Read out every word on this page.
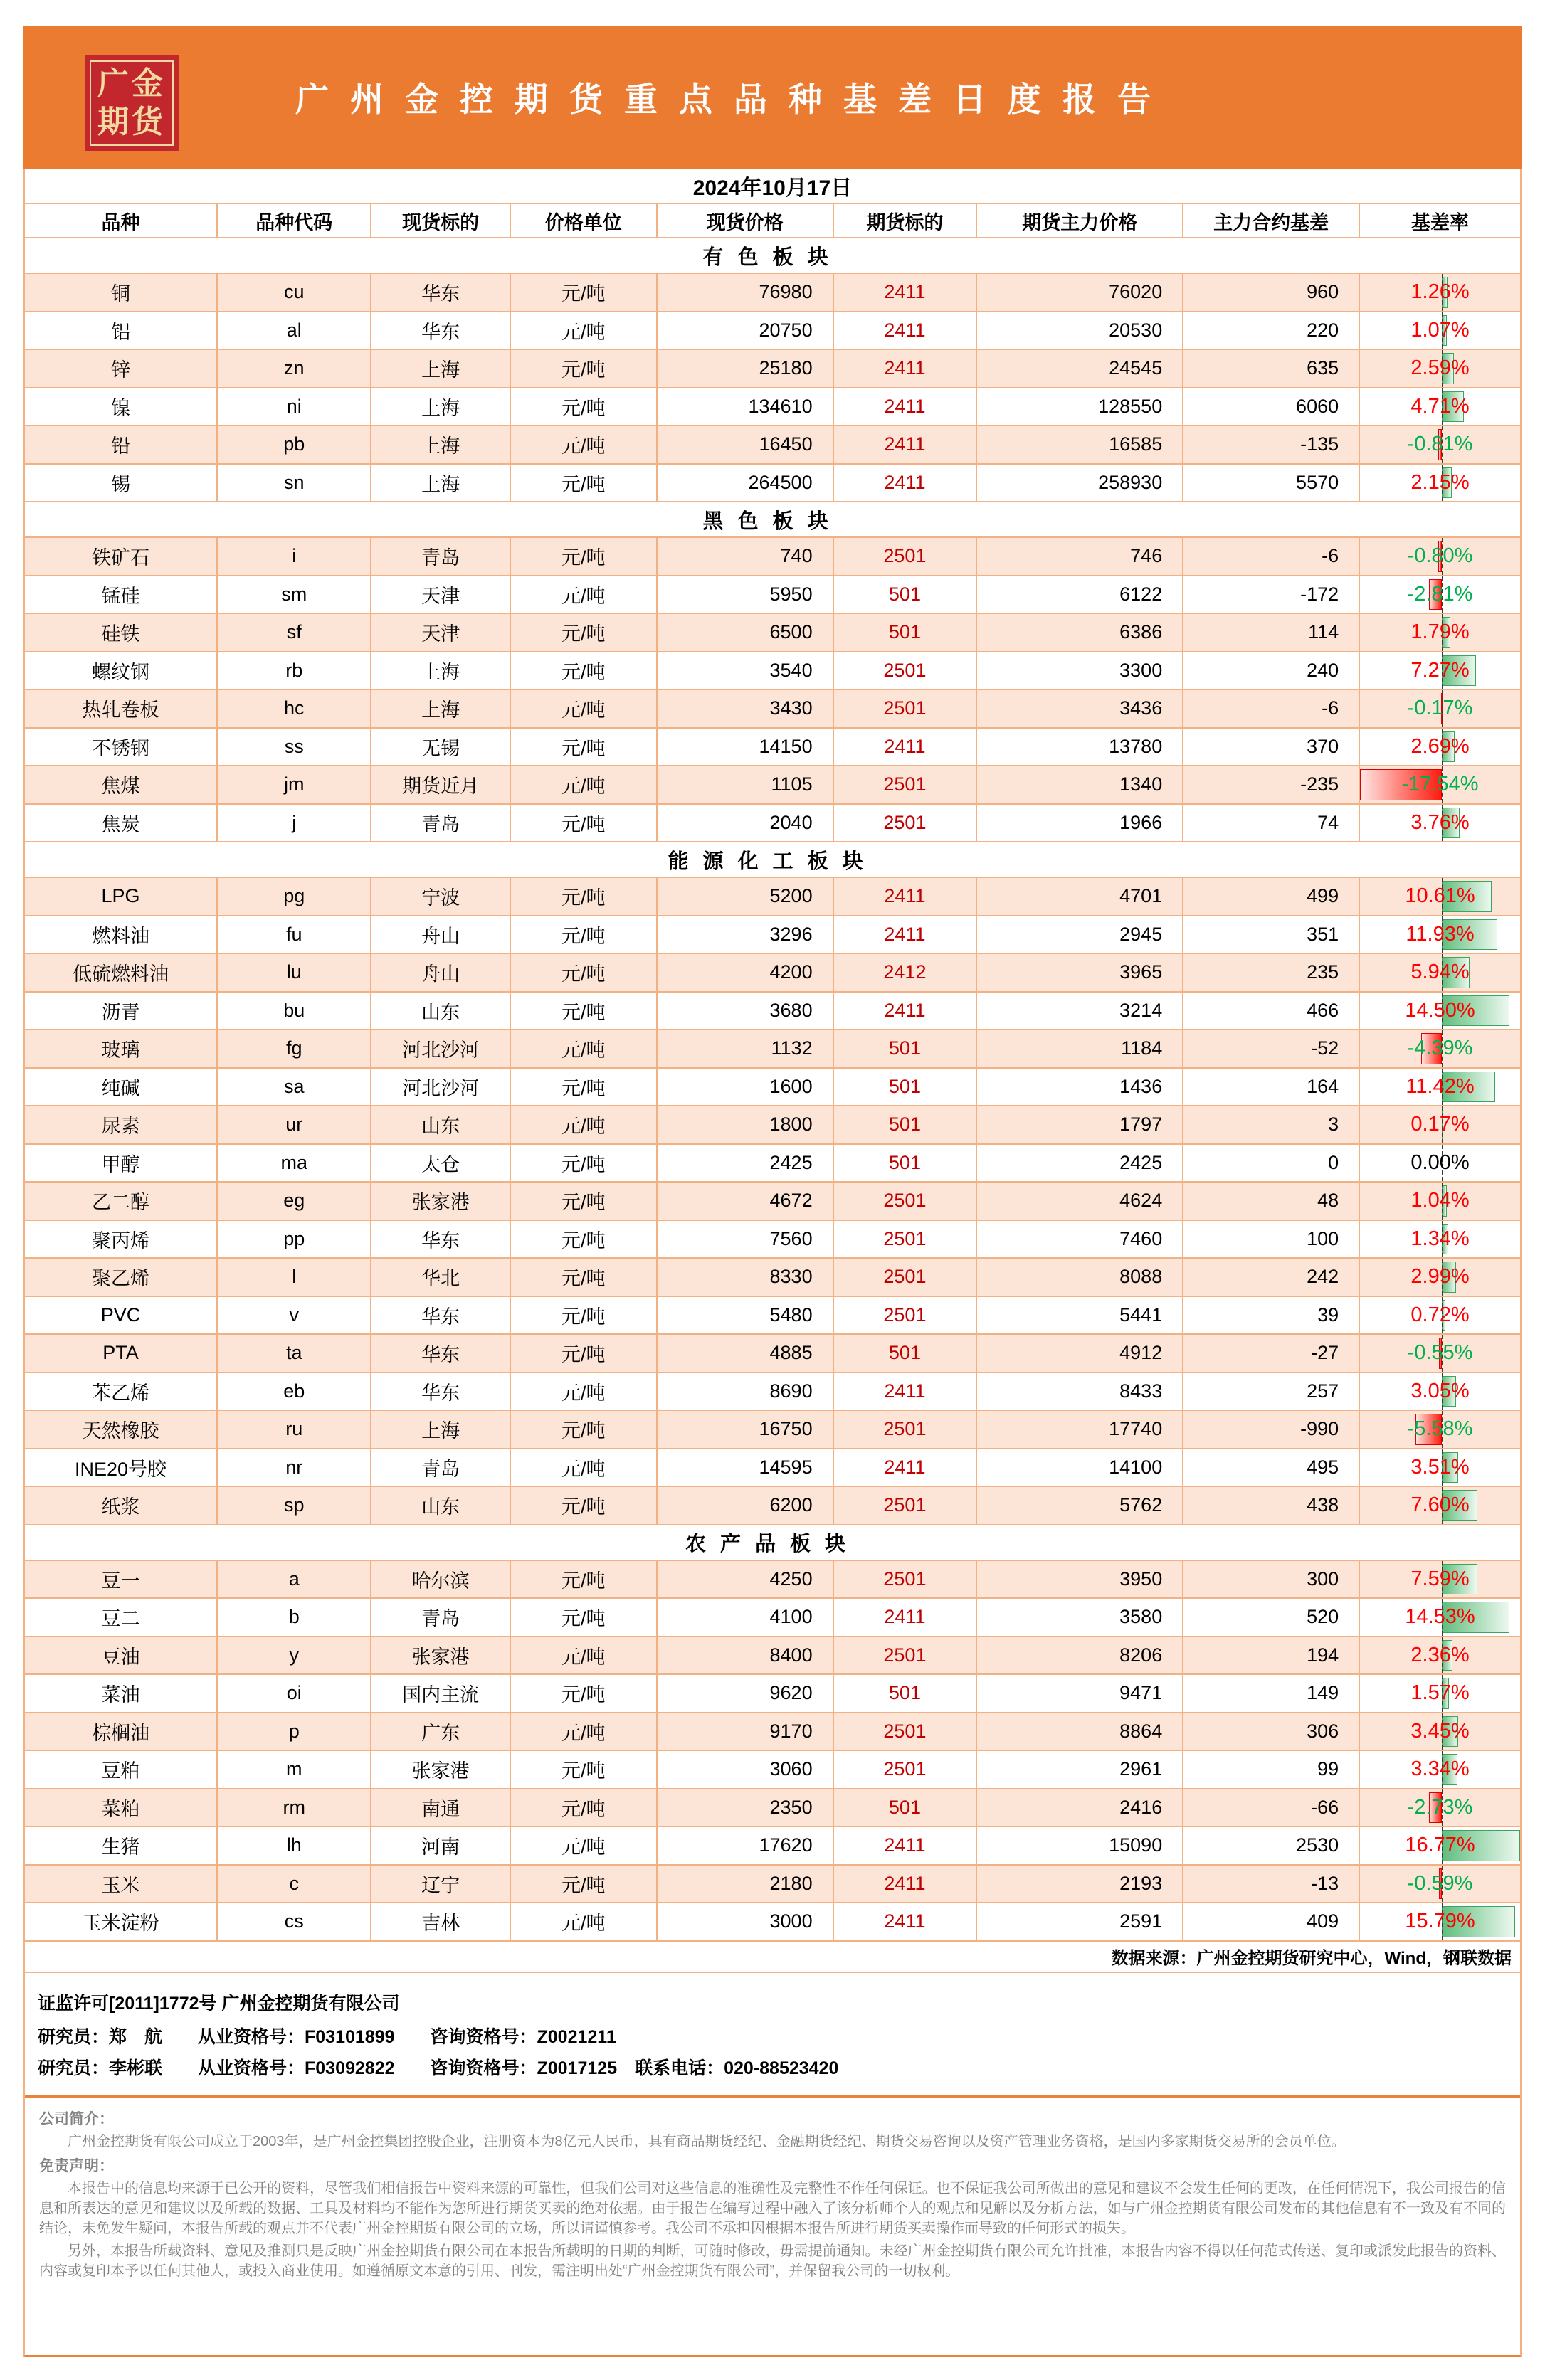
广金
期货
广州金控期货重点品种基差日度报告
2024年10月17日
品种	品种代码	现货标的	价格单位	现货价格	期货标的	期货主力价格	主力合约基差	基差率
有色板块
铜	cu	华东	元/吨	76980	2411	76020	960	1.26%
铝	al	华东	元/吨	20750	2411	20530	220	1.07%
锌	zn	上海	元/吨	25180	2411	24545	635	2.59%
镍	ni	上海	元/吨	134610	2411	128550	6060	4.71%
铅	pb	上海	元/吨	16450	2411	16585	-135	-0.81%
锡	sn	上海	元/吨	264500	2411	258930	5570	2.15%
黑色板块
铁矿石	i	青岛	元/吨	740	2501	746	-6	-0.80%
锰硅	sm	天津	元/吨	5950	501	6122	-172	-2.81%
硅铁	sf	天津	元/吨	6500	501	6386	114	1.79%
螺纹钢	rb	上海	元/吨	3540	2501	3300	240	7.27%
热轧卷板	hc	上海	元/吨	3430	2501	3436	-6	-0.17%
不锈钢	ss	无锡	元/吨	14150	2411	13780	370	2.69%
焦煤	jm	期货近月	元/吨	1105	2501	1340	-235	-17.54%
焦炭	j	青岛	元/吨	2040	2501	1966	74	3.76%
能源化工板块
LPG	pg	宁波	元/吨	5200	2411	4701	499	10.61%
燃料油	fu	舟山	元/吨	3296	2411	2945	351	11.93%
低硫燃料油	lu	舟山	元/吨	4200	2412	3965	235	5.94%
沥青	bu	山东	元/吨	3680	2411	3214	466	14.50%
玻璃	fg	河北沙河	元/吨	1132	501	1184	-52	-4.39%
纯碱	sa	河北沙河	元/吨	1600	501	1436	164	11.42%
尿素	ur	山东	元/吨	1800	501	1797	3	0.17%
甲醇	ma	太仓	元/吨	2425	501	2425	0	0.00%
乙二醇	eg	张家港	元/吨	4672	2501	4624	48	1.04%
聚丙烯	pp	华东	元/吨	7560	2501	7460	100	1.34%
聚乙烯	l	华北	元/吨	8330	2501	8088	242	2.99%
PVC	v	华东	元/吨	5480	2501	5441	39	0.72%
PTA	ta	华东	元/吨	4885	501	4912	-27	-0.55%
苯乙烯	eb	华东	元/吨	8690	2411	8433	257	3.05%
天然橡胶	ru	上海	元/吨	16750	2501	17740	-990	-5.58%
INE20号胶	nr	青岛	元/吨	14595	2411	14100	495	3.51%
纸浆	sp	山东	元/吨	6200	2501	5762	438	7.60%
农产品板块
豆一	a	哈尔滨	元/吨	4250	2501	3950	300	7.59%
豆二	b	青岛	元/吨	4100	2411	3580	520	14.53%
豆油	y	张家港	元/吨	8400	2501	8206	194	2.36%
菜油	oi	国内主流	元/吨	9620	501	9471	149	1.57%
棕榈油	p	广东	元/吨	9170	2501	8864	306	3.45%
豆粕	m	张家港	元/吨	3060	2501	2961	99	3.34%
菜粕	rm	南通	元/吨	2350	501	2416	-66	-2.73%
生猪	lh	河南	元/吨	17620	2411	15090	2530	16.77%
玉米	c	辽宁	元/吨	2180	2411	2193	-13	-0.59%
玉米淀粉	cs	吉林	元/吨	3000	2411	2591	409	15.79%
数据来源：广州金控期货研究中心，Wind，钢联数据
证监许可[2011]1772号 广州金控期货有限公司
研究员：郑　航　　从业资格号：F03101899　　咨询资格号：Z0021211
研究员：李彬联　　从业资格号：F03092822　　咨询资格号：Z0017125　联系电话：020-88523420
公司简介：

广州金控期货有限公司成立于2003年，是广州金控集团控股企业，注册资本为8亿元人民币，具有商品期货经纪、金融期货经纪、期货交易咨询以及资产管理业务资格，是国内多家期货交易所的会员单位。

免责声明：

本报告中的信息均来源于已公开的资料，尽管我们相信报告中资料来源的可靠性，但我们公司对这些信息的准确性及完整性不作任何保证。也不保证我公司所做出的意见和建议不会发生任何的更改，在任何情况下，我公司报告的信息和所表达的意见和建议以及所载的数据、工具及材料均不能作为您所进行期货买卖的绝对依据。由于报告在编写过程中融入了该分析师个人的观点和见解以及分析方法，如与广州金控期货有限公司发布的其他信息有不一致及有不同的结论，未免发生疑问，本报告所载的观点并不代表广州金控期货有限公司的立场，所以请谨慎参考。我公司不承担因根据本报告所进行期货买卖操作而导致的任何形式的损失。

另外，本报告所载资料、意见及推测只是反映广州金控期货有限公司在本报告所载明的日期的判断，可随时修改，毋需提前通知。未经广州金控期货有限公司允许批准，本报告内容不得以任何范式传送、复印或派发此报告的资料、内容或复印本予以任何其他人，或投入商业使用。如遵循原文本意的引用、刊发，需注明出处“广州金控期货有限公司”，并保留我公司的一切权利。
